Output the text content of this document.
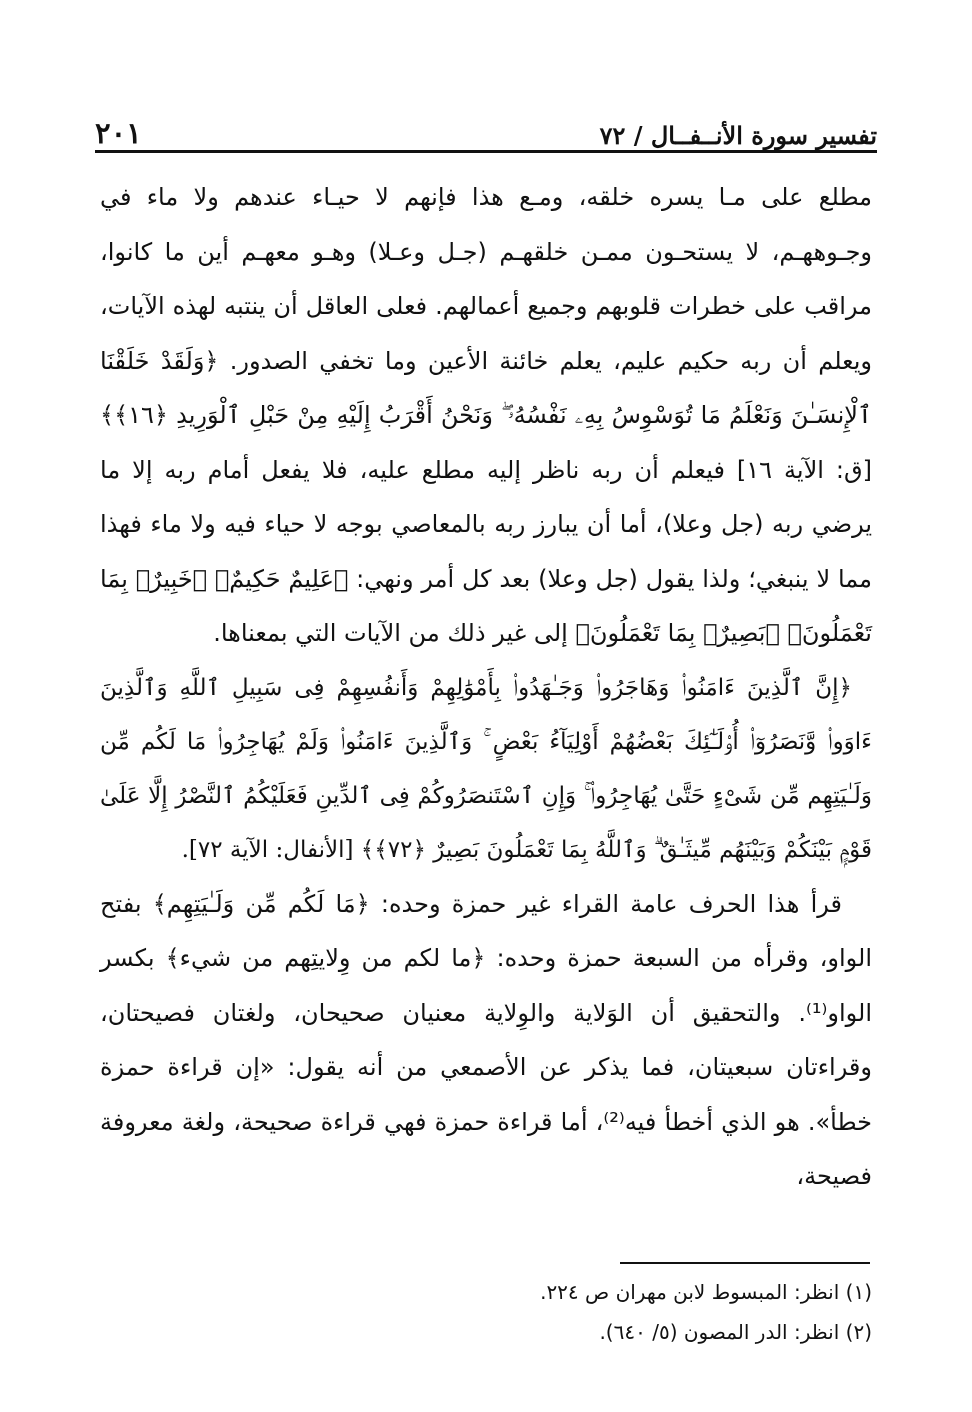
٢٠١	تفسير سورة الأنــفــال / ٧٢

مطلع على مـا يسره خلقه، ومـع هذا فإنهم لا حيـاء عندهم ولا ماء في وجـوههـم، لا يستحـون ممـن خلقهـم (جـل وعـلا) وهـو معهـم أين ما كانوا، مراقب على خطرات قلوبهم وجميع أعمالهم. فعلى العاقل أن ينتبه لهذه الآيات، ويعلم أن ربه حكيم عليم، يعلم خائنة الأعين وما تخفي الصدور. ﴿وَلَقَدْ خَلَقْنَا ٱلْإِنسَـٰنَ وَنَعْلَمُ مَا تُوَسْوِسُ بِهِۦ نَفْسُهُۥ ۖ وَنَحْنُ أَقْرَبُ إِلَيْهِ مِنْ حَبْلِ ٱلْوَرِيدِ ﴿١٦﴾﴾ [ق: الآية ١٦] فيعلم أن ربه ناظر إليه مطلع عليه، فلا يفعل أمام ربه إلا ما يرضي ربه (جل وعلا)، أما أن يبارز ربه بالمعاصي بوجه لا حياء فيه ولا ماء فهذا مما لا ينبغي؛ ولذا يقول (جل وعلا) بعد كل أمر ونهي: ﴿عَلِيمٌ حَكِيمٌ﴾ ﴿خَبِيرٌۢ بِمَا تَعْمَلُونَ﴾ ﴿بَصِيرٌۢ بِمَا تَعْمَلُونَ﴾ إلى غير ذلك من الآيات التي بمعناها.

﴿إِنَّ ٱلَّذِينَ ءَامَنُوا۟ وَهَاجَرُوا۟ وَجَـٰهَدُوا۟ بِأَمْوَٰلِهِمْ وَأَنفُسِهِمْ فِى سَبِيلِ ٱللَّهِ وَٱلَّذِينَ ءَاوَوا۟ وَّنَصَرُوٓا۟ أُو۟لَـٰٓئِكَ بَعْضُهُمْ أَوْلِيَآءُ بَعْضٍ ۚ وَٱلَّذِينَ ءَامَنُوا۟ وَلَمْ يُهَاجِرُوا۟ مَا لَكُم مِّن وَلَـٰيَتِهِم مِّن شَىْءٍ حَتَّىٰ يُهَاجِرُوا۟ ۚ وَإِنِ ٱسْتَنصَرُوكُمْ فِى ٱلدِّينِ فَعَلَيْكُمُ ٱلنَّصْرُ إِلَّا عَلَىٰ قَوْمٍۭ بَيْنَكُمْ وَبَيْنَهُم مِّيثَـٰقٌ ۗ وَٱللَّهُ بِمَا تَعْمَلُونَ بَصِيرٌ ﴿٧٢﴾﴾ [الأنفال: الآية ٧٢].

قرأ هذا الحرف عامة القراء غير حمزة وحده: ﴿مَا لَكُم مِّن وَلَـٰيَتِهِم﴾ بفتح الواو، وقرأه من السبعة حمزة وحده: ﴿ما لكم من وِلايتِهم من شيء﴾ بكسر الواو⁽¹⁾. والتحقيق أن الوَلاية والوِلاية معنيان صحيحان، ولغتان فصيحتان، وقراءتان سبعيتان، فما يذكر عن الأصمعي من أنه يقول: «إن قراءة حمزة خطأ». هو الذي أخطأ فيه⁽²⁾، أما قراءة حمزة فهي قراءة صحيحة، ولغة معروفة فصيحة،

(١) انظر: المبسوط لابن مهران ص ٢٢٤.
(٢) انظر: الدر المصون (٥/ ٦٤٠).
